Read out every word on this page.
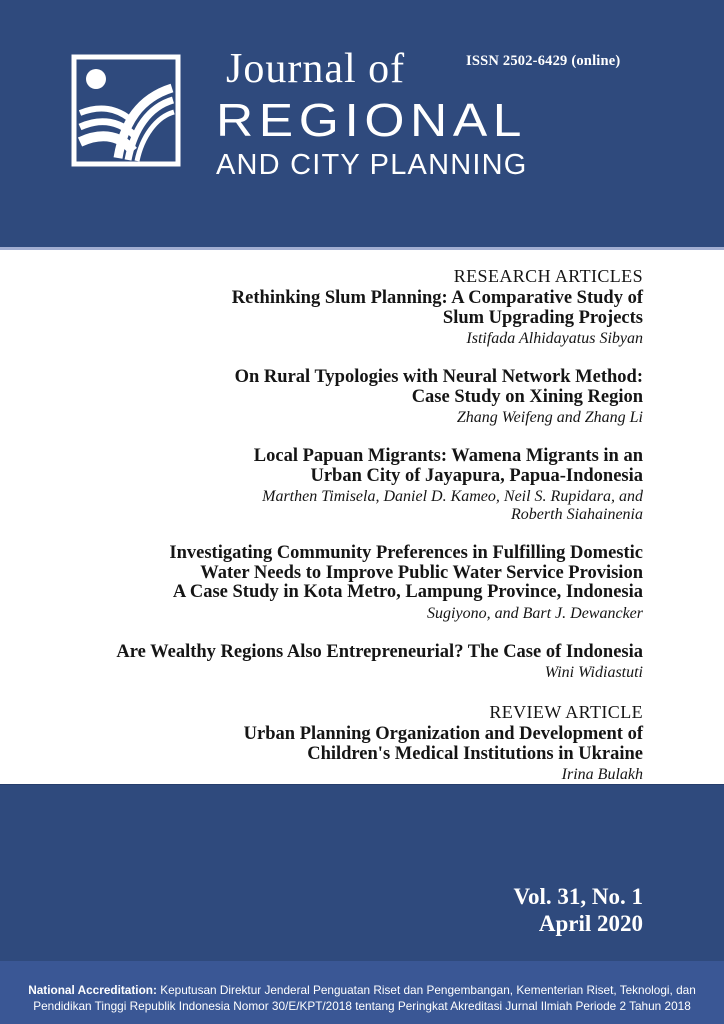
ISSN 2502-6429 (online)
Journal of
REGIONAL
AND CITY PLANNING
RESEARCH ARTICLES
Rethinking Slum Planning: A Comparative Study of
Slum Upgrading Projects
Istifada Alhidayatus Sibyan
On Rural Typologies with Neural Network Method:
Case Study on Xining Region
Zhang Weifeng and Zhang Li
Local Papuan Migrants: Wamena Migrants in an
Urban City of Jayapura, Papua-Indonesia
Marthen Timisela, Daniel D. Kameo, Neil S. Rupidara, and
Roberth Siahainenia
Investigating Community Preferences in Fulfilling Domestic
Water Needs to Improve Public Water Service Provision
A Case Study in Kota Metro, Lampung Province, Indonesia
Sugiyono, and Bart J. Dewancker
Are Wealthy Regions Also Entrepreneurial? The Case of Indonesia
Wini Widiastuti
REVIEW ARTICLE
Urban Planning Organization and Development of
Children's Medical Institutions in Ukraine
Irina Bulakh
Vol. 31, No. 1
April 2020
National Accreditation: Keputusan Direktur Jenderal Penguatan Riset dan Pengembangan, Kementerian Riset, Teknologi, dan
Pendidikan Tinggi Republik Indonesia Nomor 30/E/KPT/2018 tentang Peringkat Akreditasi Jurnal Ilmiah Periode 2 Tahun 2018
